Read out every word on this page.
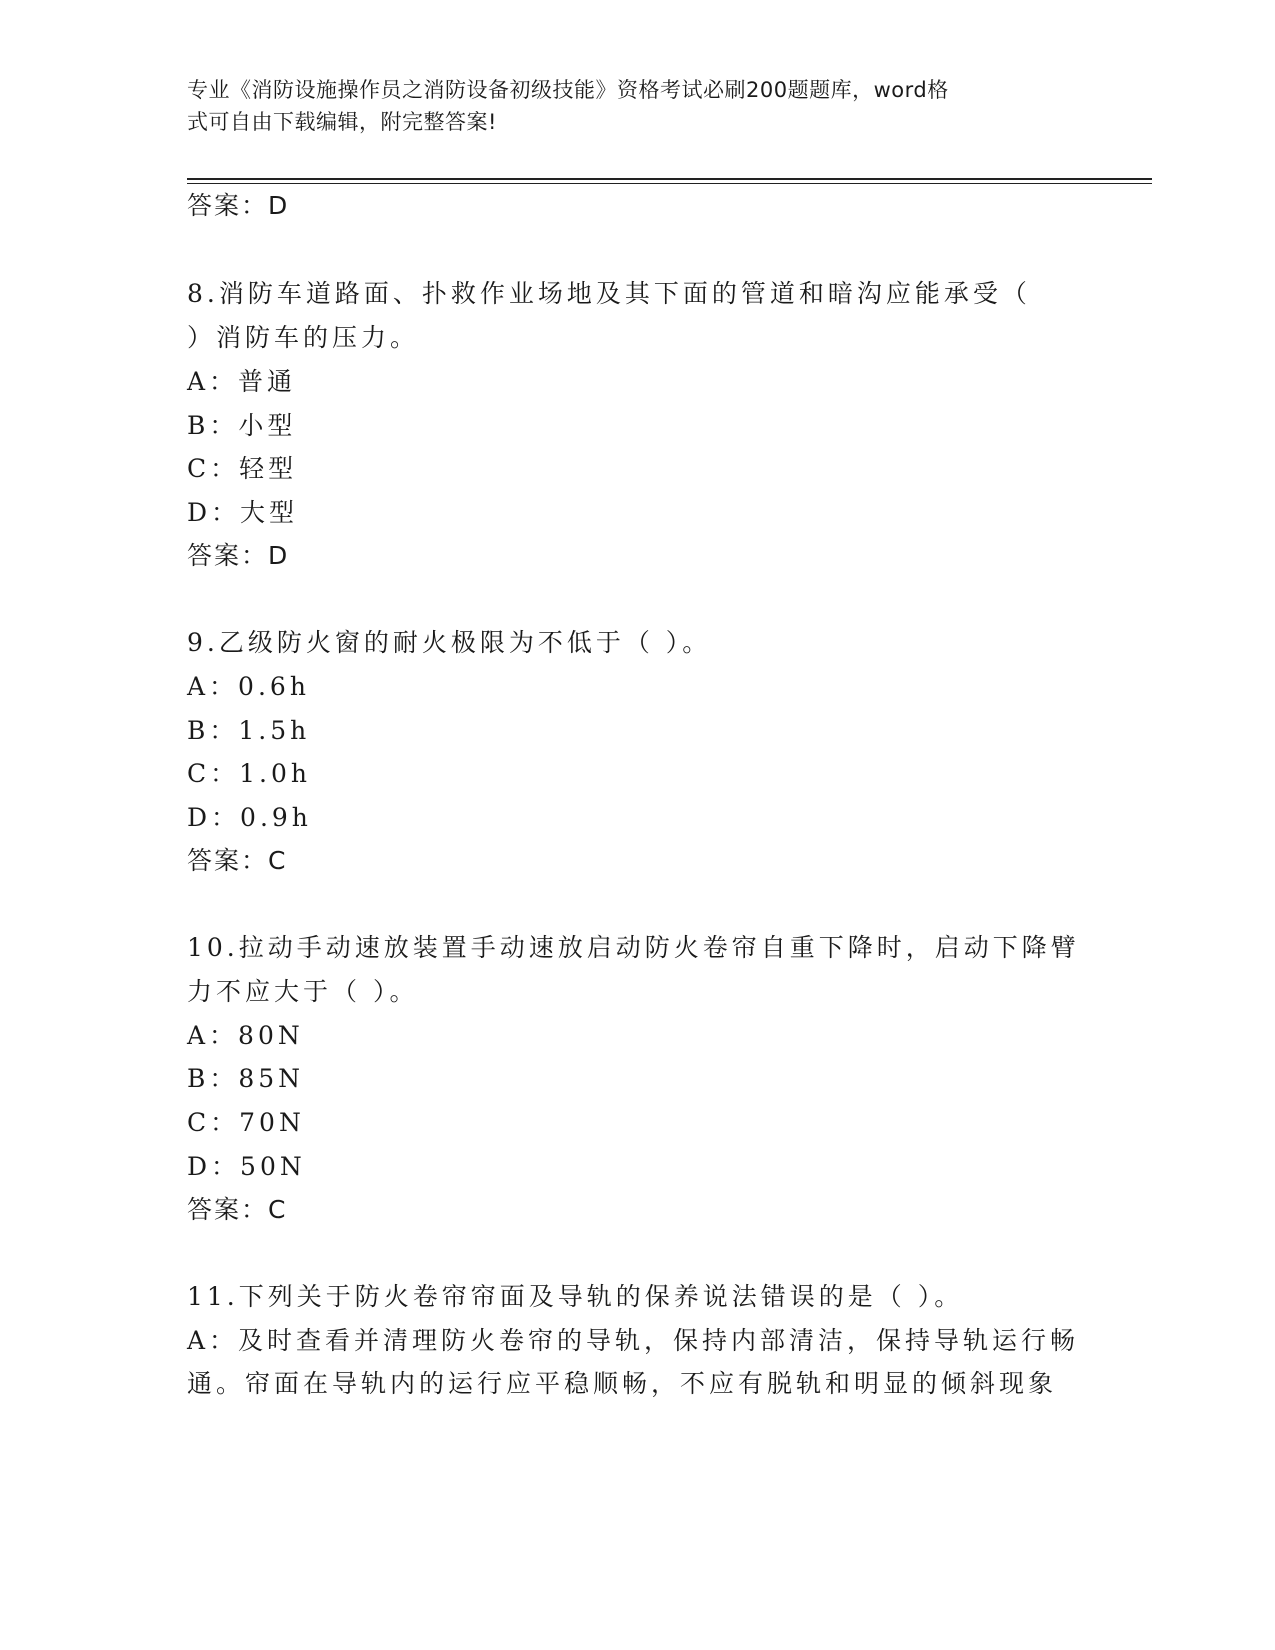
专业《消防设施操作员之消防设备初级技能》资格考试必刷200题题库，word格
式可自由下载编辑，附完整答案!
答案：D
8.消防车道路面、扑救作业场地及其下面的管道和暗沟应能承受（
）消防车的压力。
A：普通
B：小型
C：轻型
D：大型
答案：D
9.乙级防火窗的耐火极限为不低于（ ）。
A：0.6h
B：1.5h
C：1.0h
D：0.9h
答案：C
10.拉动手动速放装置手动速放启动防火卷帘自重下降时，启动下降臂
力不应大于（ ）。
A：80N
B：85N
C：70N
D：50N
答案：C
11.下列关于防火卷帘帘面及导轨的保养说法错误的是（ ）。
A：及时查看并清理防火卷帘的导轨，保持内部清洁，保持导轨运行畅
通。帘面在导轨内的运行应平稳顺畅，不应有脱轨和明显的倾斜现象
